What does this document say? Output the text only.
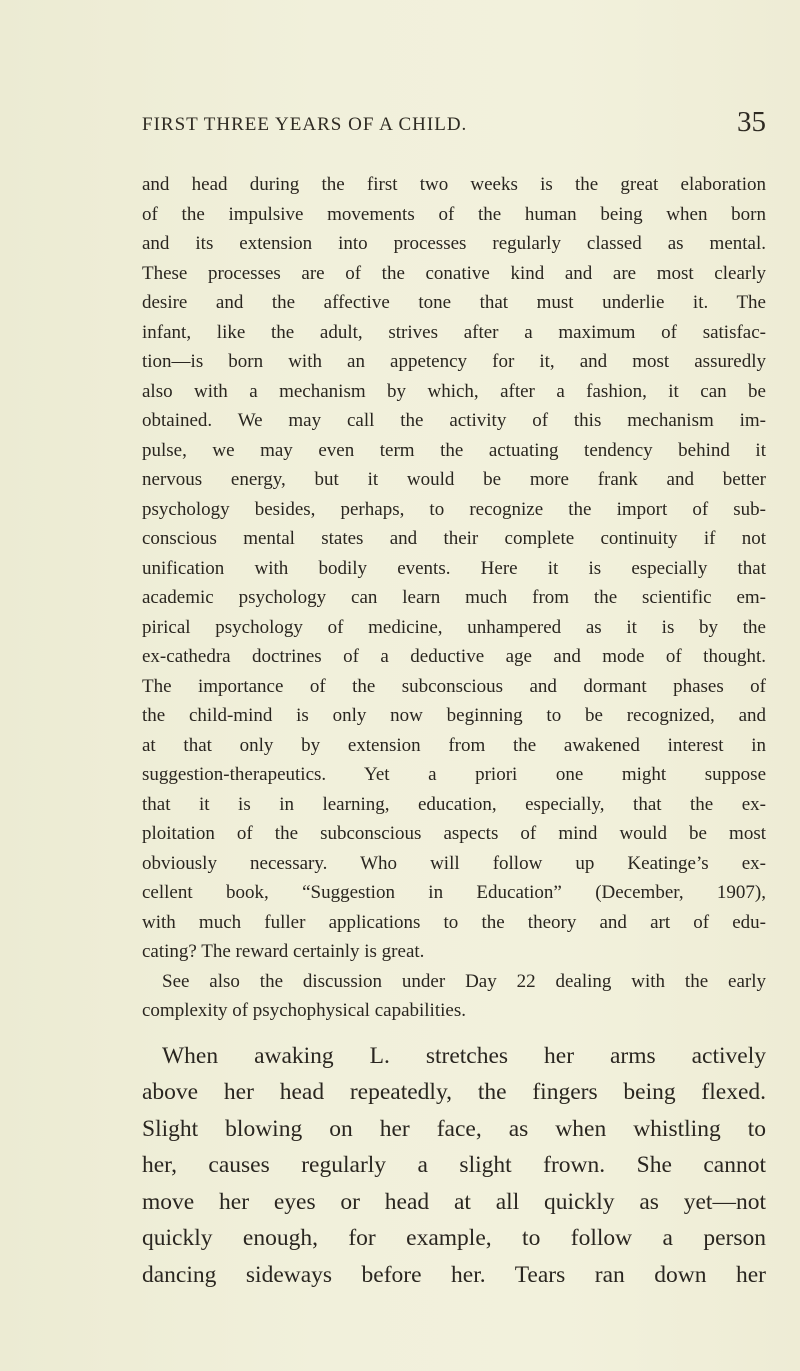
FIRST THREE YEARS OF A CHILD.	35
and head during the first two weeks is the great elaboration
of the impulsive movements of the human being when born
and its extension into processes regularly classed as mental.
These processes are of the conative kind and are most clearly
desire and the affective tone that must underlie it. The
infant, like the adult, strives after a maximum of satisfac-
tion—is born with an appetency for it, and most assuredly
also with a mechanism by which, after a fashion, it can be
obtained. We may call the activity of this mechanism im-
pulse, we may even term the actuating tendency behind it
nervous energy, but it would be more frank and better
psychology besides, perhaps, to recognize the import of sub-
conscious mental states and their complete continuity if not
unification with bodily events. Here it is especially that
academic psychology can learn much from the scientific em-
pirical psychology of medicine, unhampered as it is by the
ex-cathedra doctrines of a deductive age and mode of thought.
The importance of the subconscious and dormant phases of
the child-mind is only now beginning to be recognized, and
at that only by extension from the awakened interest in
suggestion-therapeutics. Yet a priori one might suppose
that it is in learning, education, especially, that the ex-
ploitation of the subconscious aspects of mind would be most
obviously necessary. Who will follow up Keatinge’s ex-
cellent book, “Suggestion in Education” (December, 1907),
with much fuller applications to the theory and art of edu-
cating? The reward certainly is great.
See also the discussion under Day 22 dealing with the early
complexity of psychophysical capabilities.
When awaking L. stretches her arms actively
above her head repeatedly, the fingers being flexed.
Slight blowing on her face, as when whistling to
her, causes regularly a slight frown. She cannot
move her eyes or head at all quickly as yet—not
quickly enough, for example, to follow a person
dancing sideways before her. Tears ran down her
